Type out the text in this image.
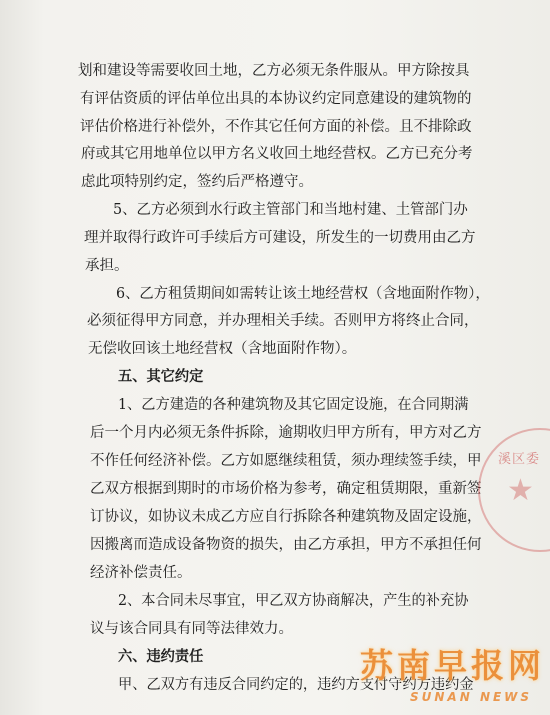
划和建设等需要收回土地，乙方必须无条件服从。甲方除按具
有评估资质的评估单位出具的本协议约定同意建设的建筑物的
评估价格进行补偿外，不作其它任何方面的补偿。且不排除政
府或其它用地单位以甲方名义收回土地经营权。乙方已充分考
虑此项特别约定，签约后严格遵守。
5、乙方必须到水行政主管部门和当地村建、土管部门办
理并取得行政许可手续后方可建设，所发生的一切费用由乙方
承担。
6、乙方租赁期间如需转让该土地经营权（含地面附作物），
必须征得甲方同意，并办理相关手续。否则甲方将终止合同，
无偿收回该土地经营权（含地面附作物）。
五、其它约定
1、乙方建造的各种建筑物及其它固定设施，在合同期满
后一个月内必须无条件拆除，逾期收归甲方所有，甲方对乙方
不作任何经济补偿。乙方如愿继续租赁，须办理续签手续，甲
乙双方根据到期时的市场价格为参考，确定租赁期限，重新签
订协议，如协议未成乙方应自行拆除各种建筑物及固定设施，
因搬离而造成设备物资的损失，由乙方承担，甲方不承担任何
经济补偿责任。
2、本合同未尽事宜，甲乙双方协商解决，产生的补充协
议与该合同具有同等法律效力。
六、违约责任
甲、乙双方有违反合同约定的，违约方支付守约方违约金
溪区委
★
苏南早报网
SUNAN NEWS
